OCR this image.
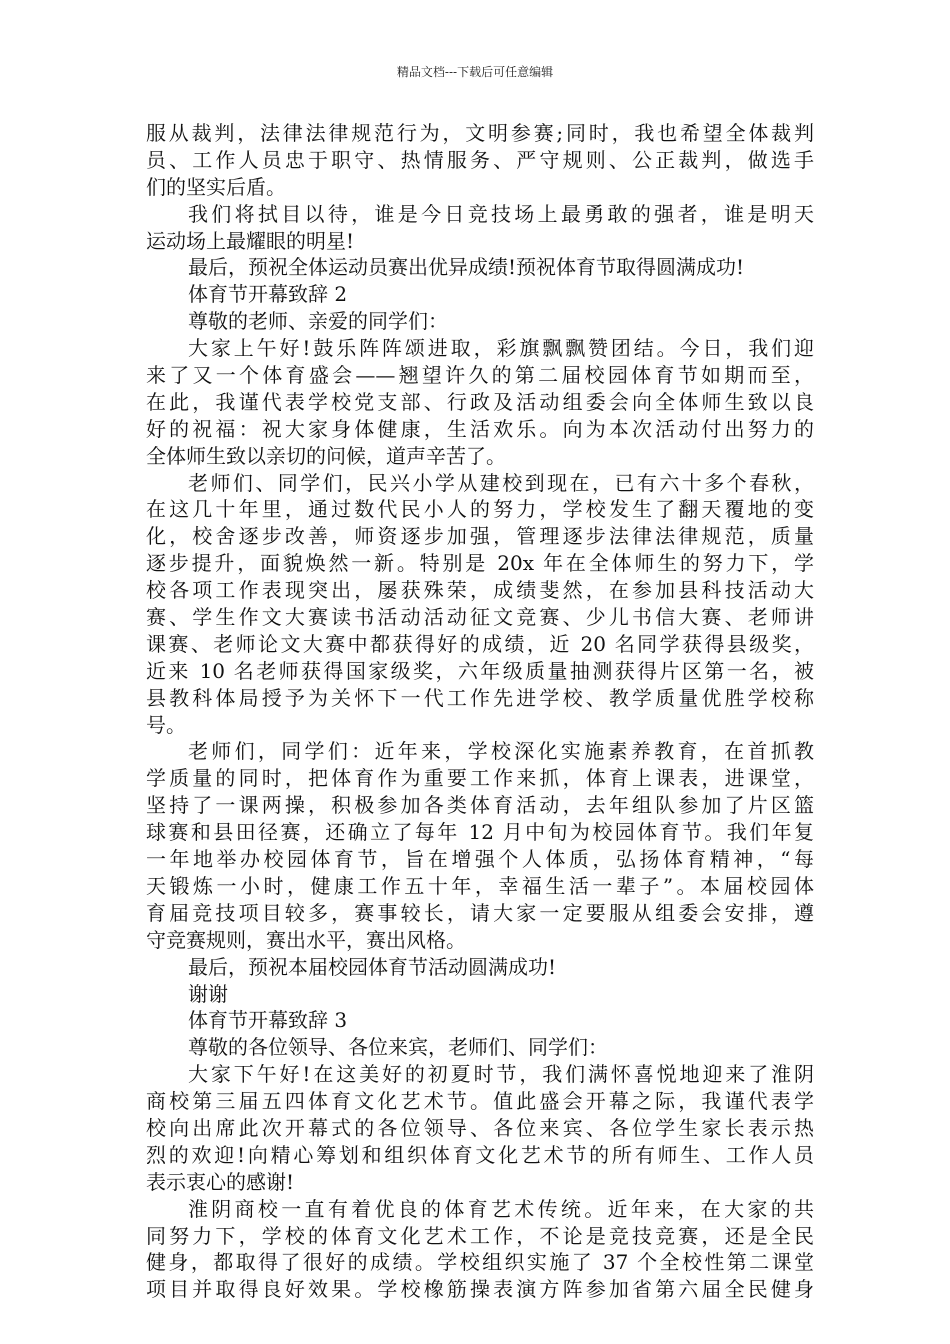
精品文档---下载后可任意编辑
服从裁判，法律法律规范行为，文明参赛;同时，我也希望全体裁判
员、工作人员忠于职守、热情服务、严守规则、公正裁判，做选手
们的坚实后盾。
我们将拭目以待，谁是今日竞技场上最勇敢的强者，谁是明天
运动场上最耀眼的明星!
最后，预祝全体运动员赛出优异成绩!预祝体育节取得圆满成功!
体育节开幕致辞 2
尊敬的老师、亲爱的同学们：
大家上午好!鼓乐阵阵颂进取，彩旗飘飘赞团结。今日，我们迎
来了又一个体育盛会——翘望许久的第二届校园体育节如期而至，
在此，我谨代表学校党支部、行政及活动组委会向全体师生致以良
好的祝福：祝大家身体健康，生活欢乐。向为本次活动付出努力的
全体师生致以亲切的问候，道声辛苦了。
老师们、同学们，民兴小学从建校到现在，已有六十多个春秋，
在这几十年里，通过数代民小人的努力，学校发生了翻天覆地的变
化，校舍逐步改善，师资逐步加强，管理逐步法律法律规范，质量
逐步提升，面貌焕然一新。特别是 20x 年在全体师生的努力下，学
校各项工作表现突出，屡获殊荣，成绩斐然，在参加县科技活动大
赛、学生作文大赛读书活动活动征文竞赛、少儿书信大赛、老师讲
课赛、老师论文大赛中都获得好的成绩，近 20 名同学获得县级奖，
近来 10 名老师获得国家级奖，六年级质量抽测获得片区第一名，被
县教科体局授予为关怀下一代工作先进学校、教学质量优胜学校称
号。
老师们，同学们：近年来，学校深化实施素养教育，在首抓教
学质量的同时，把体育作为重要工作来抓，体育上课表，进课堂，
坚持了一课两操，积极参加各类体育活动，去年组队参加了片区篮
球赛和县田径赛，还确立了每年 12 月中旬为校园体育节。我们年复
一年地举办校园体育节，旨在增强个人体质，弘扬体育精神，“每
天锻炼一小时，健康工作五十年，幸福生活一辈子”。本届校园体
育届竞技项目较多，赛事较长，请大家一定要服从组委会安排，遵
守竞赛规则，赛出水平，赛出风格。
最后，预祝本届校园体育节活动圆满成功!
谢谢
体育节开幕致辞 3
尊敬的各位领导、各位来宾，老师们、同学们：
大家下午好!在这美好的初夏时节，我们满怀喜悦地迎来了淮阴
商校第三届五四体育文化艺术节。值此盛会开幕之际，我谨代表学
校向出席此次开幕式的各位领导、各位来宾、各位学生家长表示热
烈的欢迎!向精心筹划和组织体育文化艺术节的所有师生、工作人员
表示衷心的感谢!
淮阴商校一直有着优良的体育艺术传统。近年来，在大家的共
同努力下，学校的体育文化艺术工作，不论是竞技竞赛，还是全民
健身，都取得了很好的成绩。学校组织实施了 37 个全校性第二课堂
项目并取得良好效果。学校橡筋操表演方阵参加省第六届全民健身
